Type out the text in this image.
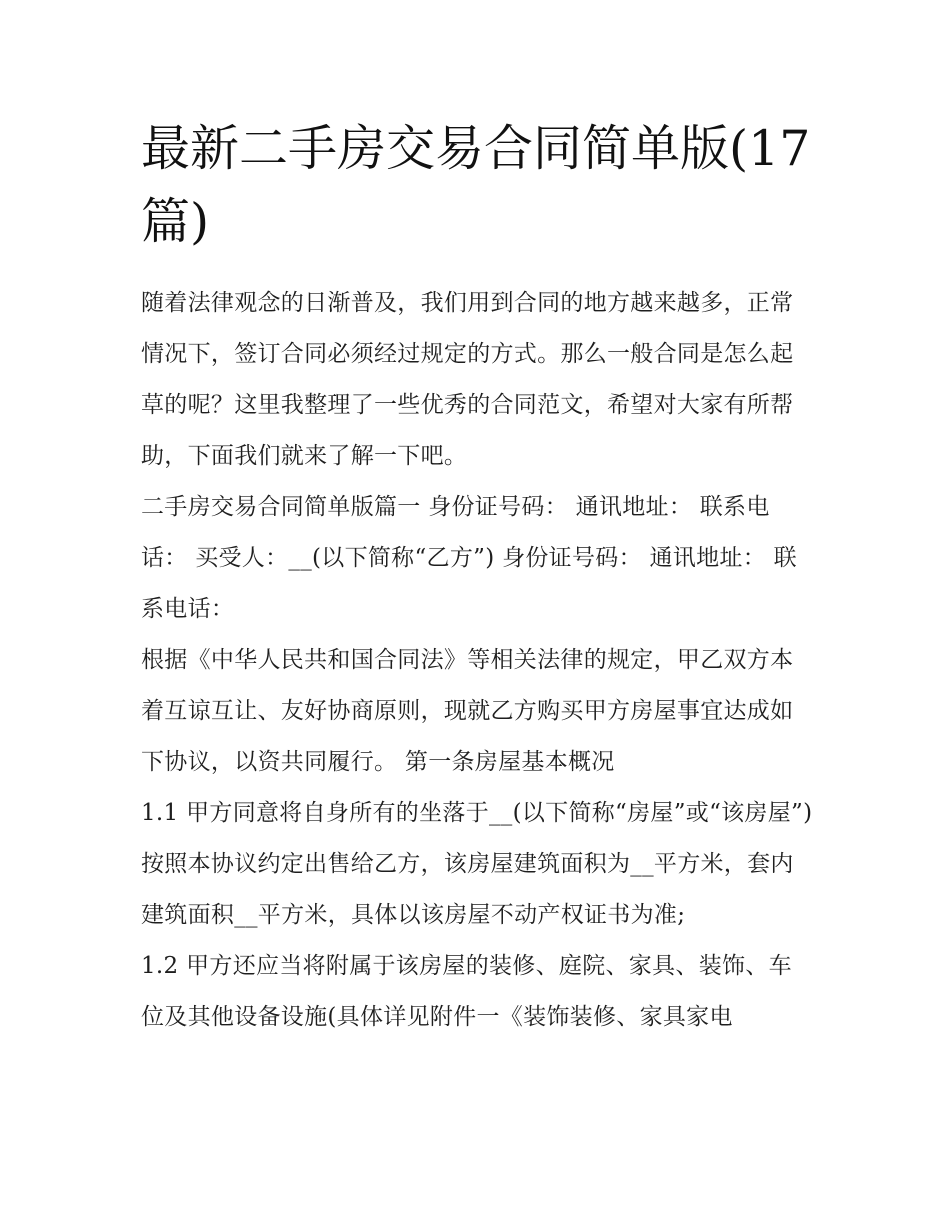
最新二手房交易合同简单版(17篇)

随着法律观念的日渐普及，我们用到合同的地方越来越多，正常情况下，签订合同必须经过规定的方式。那么一般合同是怎么起草的呢？这里我整理了一些优秀的合同范文，希望对大家有所帮助，下面我们就来了解一下吧。

二手房交易合同简单版篇一 身份证号码： 通讯地址： 联系电话： 买受人：__(以下简称“乙方”) 身份证号码： 通讯地址： 联系电话：

根据《中华人民共和国合同法》等相关法律的规定，甲乙双方本着互谅互让、友好协商原则，现就乙方购买甲方房屋事宜达成如下协议，以资共同履行。 第一条房屋基本概况

1.1 甲方同意将自身所有的坐落于__(以下简称“房屋”或“该房屋”)按照本协议约定出售给乙方，该房屋建筑面积为__平方米，套内建筑面积__平方米，具体以该房屋不动产权证书为准;

1.2 甲方还应当将附属于该房屋的装修、庭院、家具、装饰、车位及其他设备设施(具体详见附件一《装饰装修、家具家电
